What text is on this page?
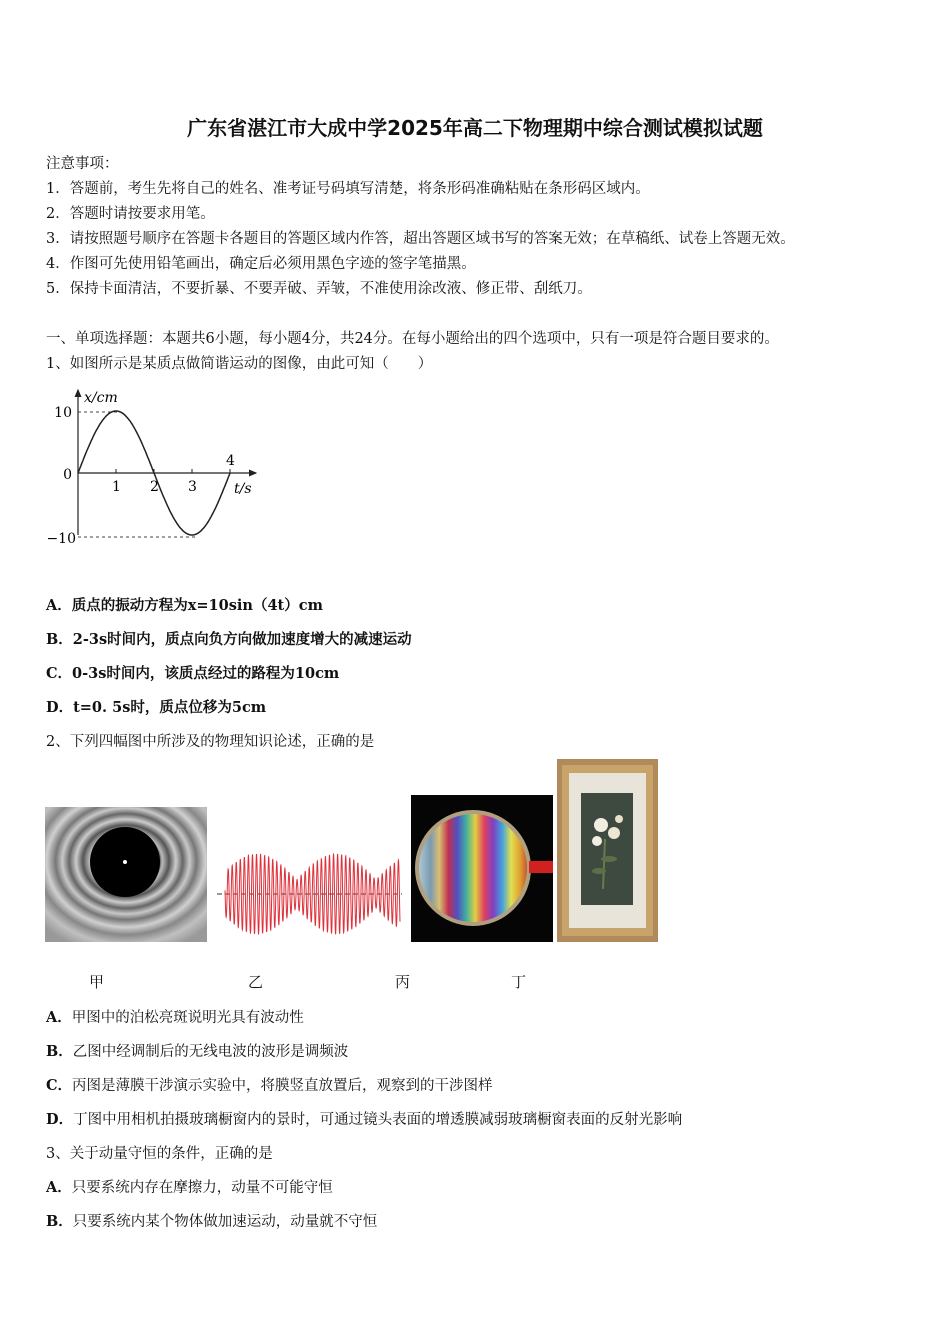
广东省湛江市大成中学2025年高二下物理期中综合测试模拟试题
注意事项：
1．答题前，考生先将自己的姓名、准考证号码填写清楚，将条形码准确粘贴在条形码区域内。
2．答题时请按要求用笔。
3．请按照题号顺序在答题卡各题目的答题区域内作答，超出答题区域书写的答案无效；在草稿纸、试卷上答题无效。
4．作图可先使用铅笔画出，确定后必须用黑色字迹的签字笔描黑。
5．保持卡面清洁，不要折暴、不要弄破、弄皱，不准使用涂改液、修正带、刮纸刀。
一、单项选择题：本题共6小题，每小题4分，共24分。在每小题给出的四个选项中，只有一项是符合题目要求的。
1、如图所示是某质点做简谐运动的图像，由此可知（　　）
1 2 3
4
x/cm
t/s
10
0
−10
A．质点的振动方程为x=10sin（4t）cm
B．2-3s时间内，质点向负方向做加速度增大的减速运动
C．0-3s时间内，该质点经过的路程为10cm
D．t=0. 5s时，质点位移为5cm
2、下列四幅图中所涉及的物理知识论述，正确的是
甲	乙	丙	丁
A．甲图中的泊松亮斑说明光具有波动性
B．乙图中经调制后的无线电波的波形是调频波
C．丙图是薄膜干涉演示实验中，将膜竖直放置后，观察到的干涉图样
D．丁图中用相机拍摄玻璃橱窗内的景时，可通过镜头表面的增透膜减弱玻璃橱窗表面的反射光影响
3、关于动量守恒的条件，正确的是
A．只要系统内存在摩擦力，动量不可能守恒
B．只要系统内某个物体做加速运动，动量就不守恒
